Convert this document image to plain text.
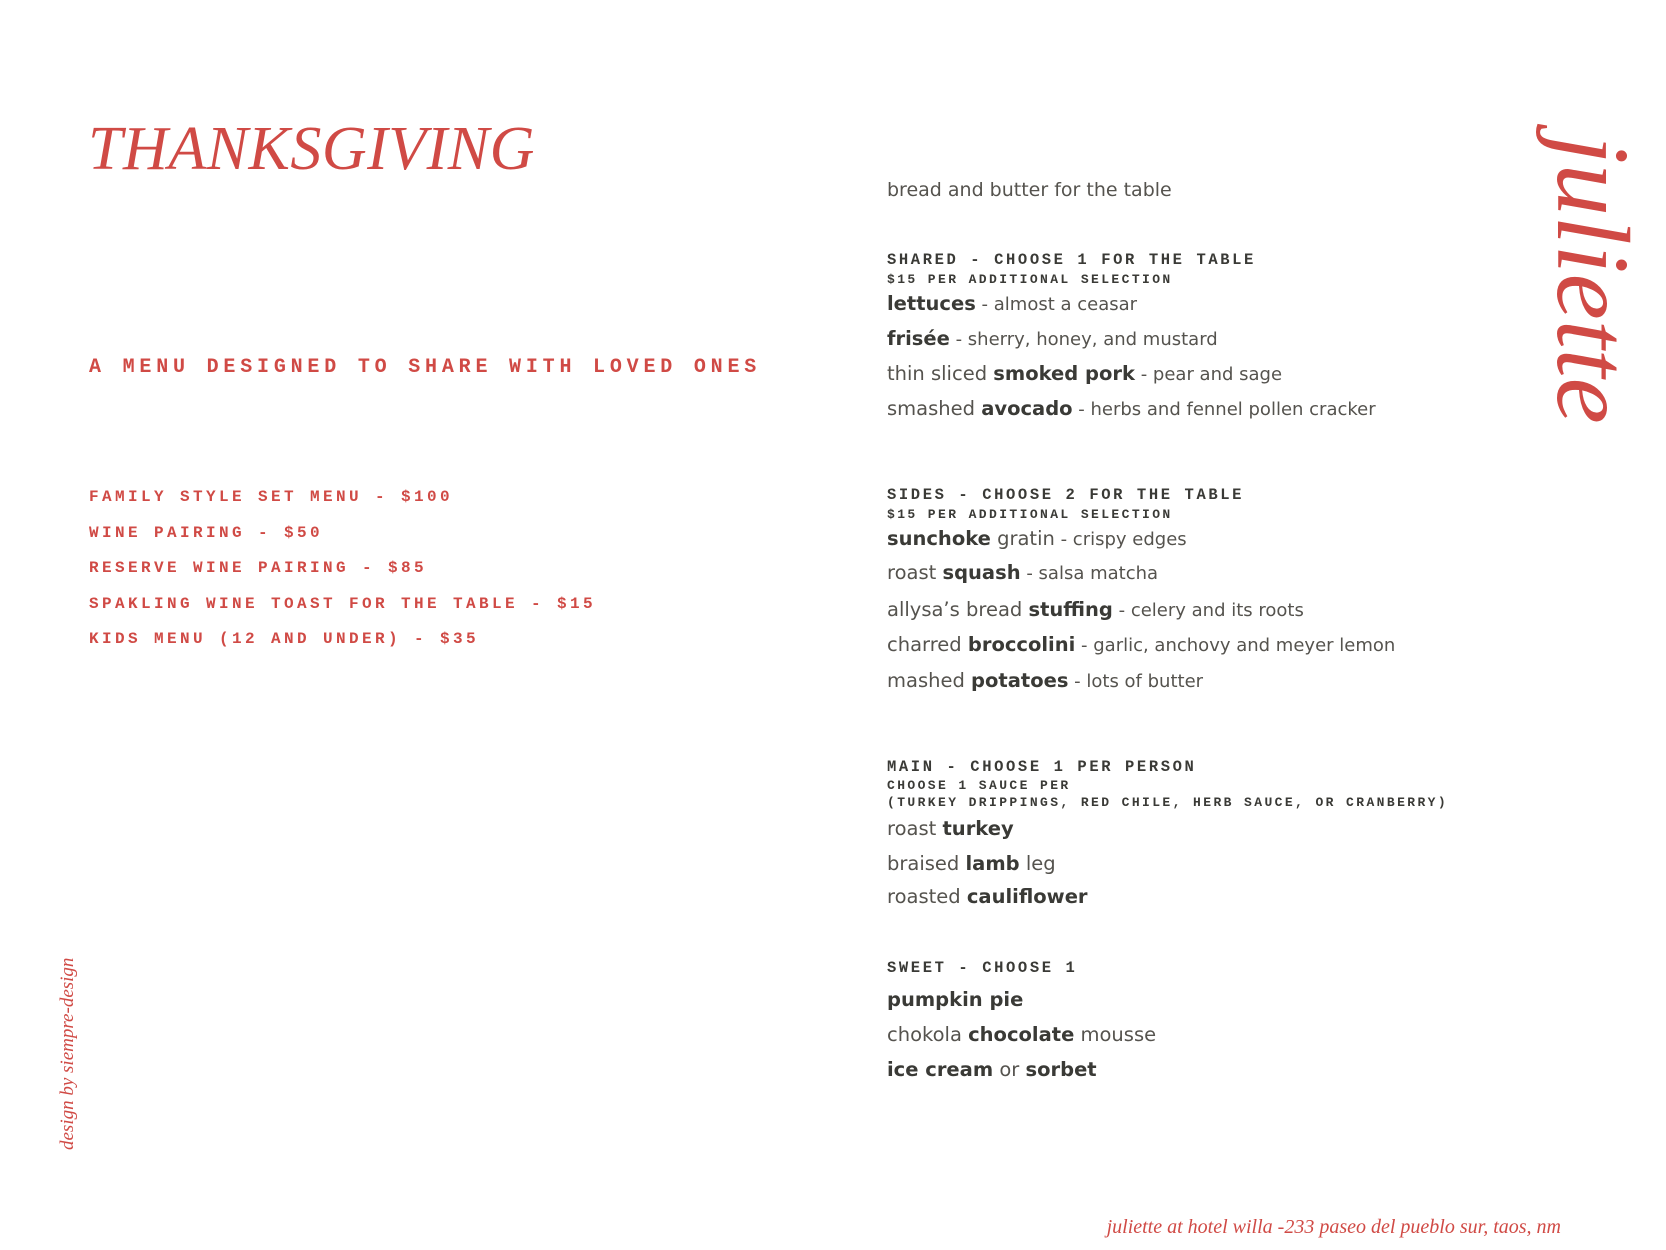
THANKSGIVING

A MENU DESIGNED TO SHARE WITH LOVED ONES

FAMILY STYLE SET MENU - $100
WINE PAIRING - $50
RESERVE WINE PAIRING - $85
SPAKLING WINE TOAST FOR THE TABLE - $15
KIDS MENU (12 AND UNDER) - $35
design by siempre-design
bread and butter for the table

SHARED - CHOOSE 1 FOR THE TABLE

$15 PER ADDITIONAL SELECTION

lettuces - almost a ceasar
frisée - sherry, honey, and mustard
thin sliced smoked pork - pear and sage
smashed avocado - herbs and fennel pollen cracker

SIDES - CHOOSE 2 FOR THE TABLE

$15 PER ADDITIONAL SELECTION

sunchoke gratin - crispy edges
roast squash - salsa matcha
allysa’s bread stuffing - celery and its roots
charred broccolini - garlic, anchovy and meyer lemon
mashed potatoes - lots of butter

MAIN - CHOOSE 1 PER PERSON

CHOOSE 1 SAUCE PER

(TURKEY DRIPPINGS, RED CHILE, HERB SAUCE, OR CRANBERRY)

roast turkey
braised lamb leg
roasted cauliflower

SWEET - CHOOSE 1

pumpkin pie
chokola chocolate mousse
ice cream or sorbet
juliette
juliette at hotel willa -233 paseo del pueblo sur, taos, nm
